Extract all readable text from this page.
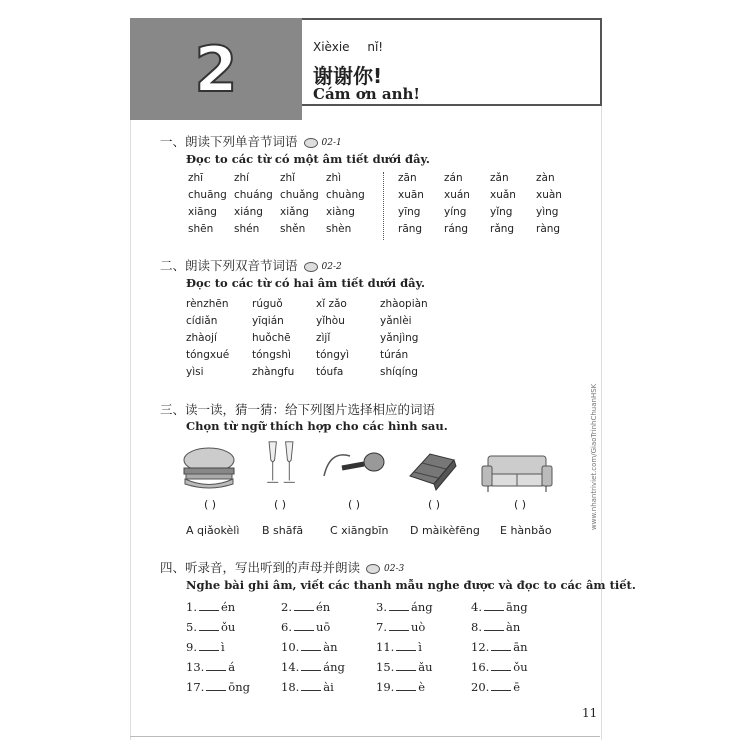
2	Xièxie nǐ!
谢谢你!
Cám ơn anh!
一、朗读下列单音节词语	02-1
Đọc to các từ có một âm tiết dưới đây.
zhī	zhí	zhǐ	zhì
chuāng chuáng chuǎng chuàng
xiāng	xiáng	xiǎng	xiàng
shēn	shén	shěn	shèn
zān	zán	zǎn	zàn
xuān	xuán	xuǎn	xuàn
yīng	yíng	yǐng	yìng
rāng	ráng	rǎng	ràng
二、朗读下列双音节词语	02-2
Đọc to các từ có hai âm tiết dưới đây.
rènzhēn	rúguǒ	xǐ zǎo	zhàopiàn
cídiǎn	yīqián	yǐhòu	yǎnlèi
zhàojí	huǒchē	zìjǐ	yǎnjìng
tóngxué	tóngshì	tóngyì	túrán
yìsi	zhàngfu	tóufa	shíqíng
三、读一读，猜一猜：给下列图片选择相应的词语
Chọn từ ngữ thích hợp cho các hình sau.
( )	( )	( )	( )	( )
A qiǎokèlì B shāfā C xiāngbīn D màikèfēng E hànbǎo
四、听录音，写出听到的声母并朗读	02-3
Nghe bài ghi âm, viết các thanh mẫu nghe được và đọc to các âm tiết.
1. én	2. én	3. áng	4. āng
5. ǒu	6. uō	7. uò	8. àn
9. ì	10. àn	11. ì	12. ān
13. á	14. áng	15. ǎu	16. ǒu
17. ōng	18. ài	19. è	20. ē
www.nhantriviet.com/GiaoTrinhChuanHSK
11
